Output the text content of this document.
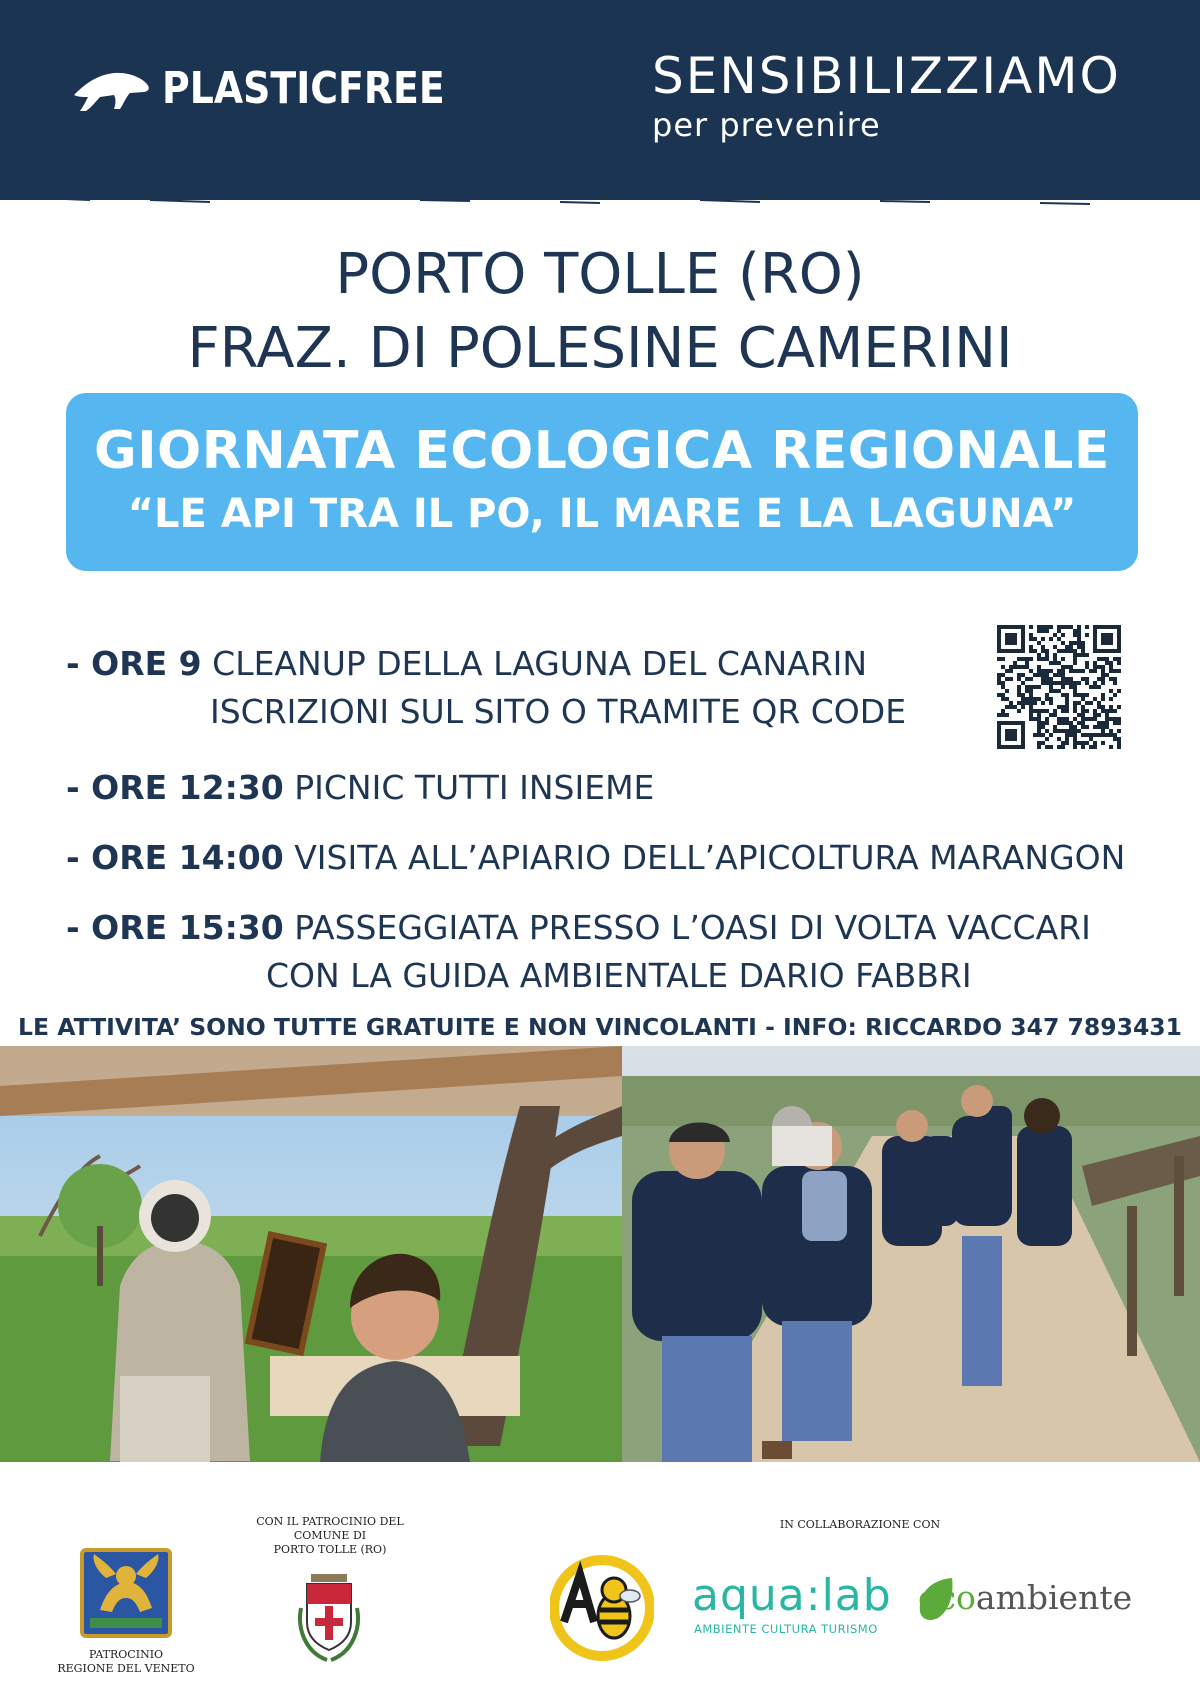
PLASTICFREE	SENSIBILIZZIAMO
per prevenire
PORTO TOLLE (RO)
FRAZ. DI POLESINE CAMERINI
GIORNATA ECOLOGICA REGIONALE
“LE API TRA IL PO, IL MARE E LA LAGUNA”
- ORE 9 CLEANUP DELLA LAGUNA DEL CANARIN
ISCRIZIONI SUL SITO O TRAMITE QR CODE
- ORE 12:30 PICNIC TUTTI INSIEME
- ORE 14:00 VISITA ALL’APIARIO DELL’APICOLTURA MARANGON
- ORE 15:30 PASSEGGIATA PRESSO L’OASI DI VOLTA VACCARI
CON LA GUIDA AMBIENTALE DARIO FABBRI
LE ATTIVITA’ SONO TUTTE GRATUITE E NON VINCOLANTI - INFO: RICCARDO 347 7893431
PATROCINIO
REGIONE DEL VENETO
CON IL PATROCINIO DEL
COMUNE DI
PORTO TOLLE (RO)
IN COLLABORAZIONE CON
aqua:lab
AMBIENTE CULTURA TURISMO
ecoambiente
